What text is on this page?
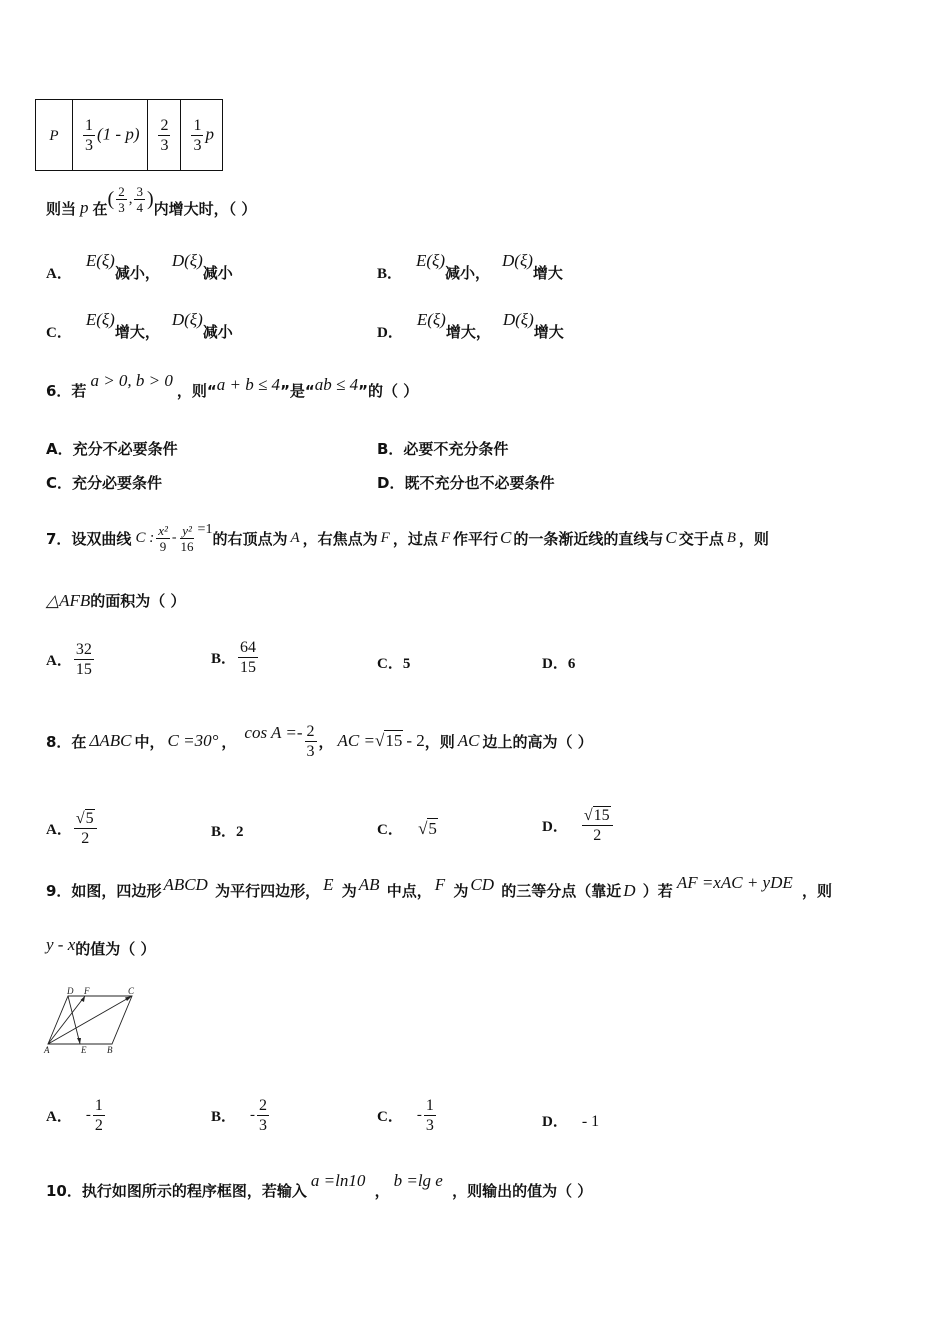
P	$\frac{1}{3} (1 - p)$	$\frac{2}{3}$	$\frac{1}{3}$ p
则当 p 在 ( $\frac{2}{3}$ , $\frac{3}{4}$ ) 内增大时，（ ）
A．E(ξ)减小，D(ξ)减小	B．E(ξ)减小，D(ξ)增大
C．E(ξ)增大，D(ξ)减小	D．E(ξ)增大，D(ξ)增大
6．若a > 0, b > 0，则“a + b ≤ 4”是“ab ≤ 4”的（ ）
A．充分不必要条件	B．必要不充分条件
C．充分必要条件	D．既不充分也不必要条件
7．设双曲线 C : $\frac{\text{x²}}{9} - \frac{\text{y²}}{16} =1$ 的右顶点为 A ，右焦点为 F ，过点 F 作平行 C 的一条渐近线的直线与 C 交于点 B ，则
△AFB的面积为（ ）
A． $\frac{32}{15}$	B． $\frac{64}{15}$	C．5	D．6
8．在 ΔABC 中， C =30° ， $\cos A =- \frac{2}{3}$ ， AC = √15 - 2 ，则 AC 边上的高为（ ）
A． $\frac{√5}{2}$	B．2	C． √5	D． $\frac{√15}{2}$
9．如图，四边形 ABCD 为平行四边形， E 为 AB 中点， F 为 CD 的三等分点（靠近 D ）若 AF =xAC + yDE ，则
y - x的值为（ ）
D F	C
A	E B
A． - $\frac{1}{2}$	B． - $\frac{2}{3}$	C． - $\frac{1}{3}$	D． - 1
10．执行如图所示的程序框图，若输入a =ln10 ，b =lg e ，则输出的值为（ ）
